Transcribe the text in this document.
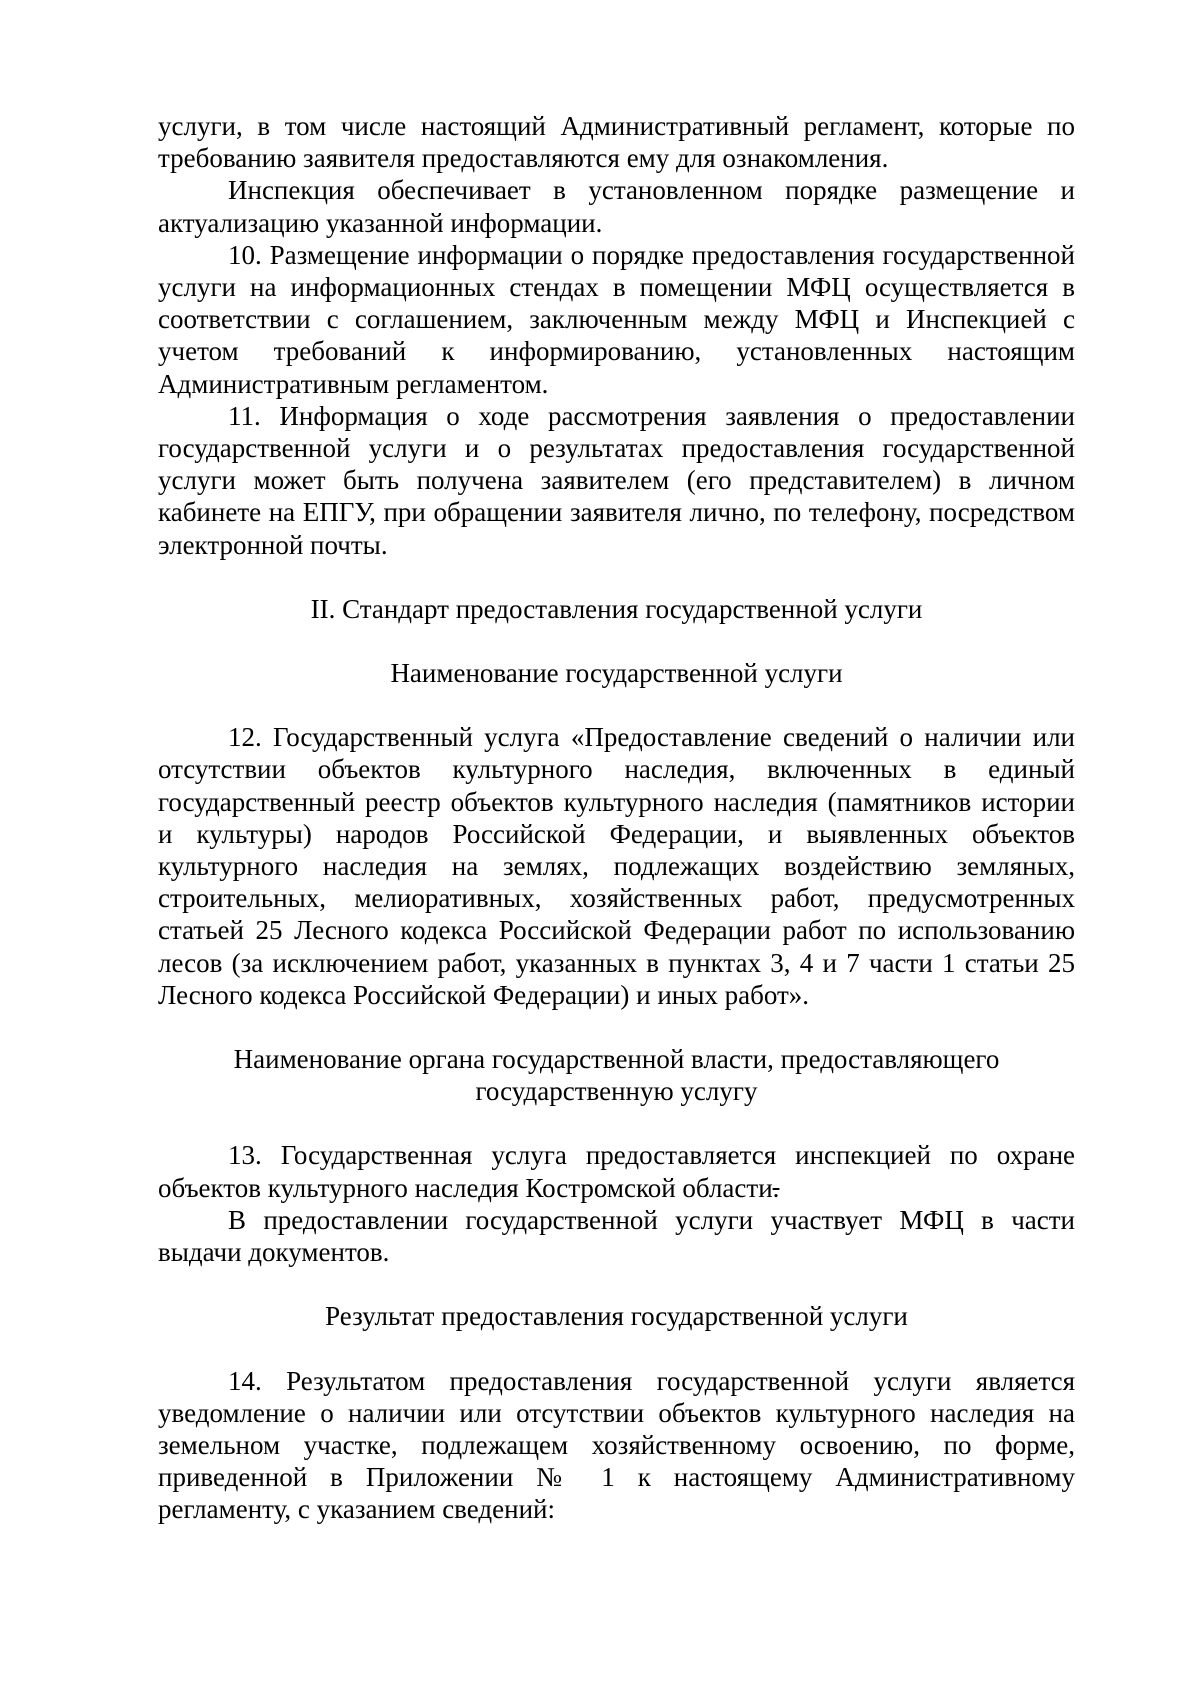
услуги, в том числе настоящий Административный регламент, которые по требованию заявителя предоставляются ему для ознакомления.

Инспекция обеспечивает в установленном порядке размещение и актуализацию указанной информации.

10. Размещение информации о порядке предоставления государственной услуги на информационных стендах в помещении МФЦ осуществляется в соответствии с соглашением, заключенным между МФЦ и Инспекцией с учетом требований к информированию, установленных настоящим Административным регламентом.

11. Информация о ходе рассмотрения заявления о предоставлении государственной услуги и о результатах предоставления государственной услуги может быть получена заявителем (его представителем) в личном кабинете на ЕПГУ, при обращении заявителя лично, по телефону, посредством электронной почты.

II. Стандарт предоставления государственной услуги

Наименование государственной услуги

12. Государственный услуга «Предоставление сведений о наличии или отсутствии объектов культурного наследия, включенных в единый государственный реестр объектов культурного наследия (памятников истории и культуры) народов Российской Федерации, и выявленных объектов культурного наследия на землях, подлежащих воздействию земляных, строительных, мелиоративных, хозяйственных работ, предусмотренных статьей 25 Лесного кодекса Российской Федерации работ по использованию лесов (за исключением работ, указанных в пунктах 3, 4 и 7 части 1 статьи 25 Лесного кодекса Российской Федерации) и иных работ».

Наименование органа государственной власти, предоставляющего

государственную услугу

13. Государственная услуга предоставляется инспекцией по охране объектов культурного наследия Костромской области.

В предоставлении государственной услуги участвует МФЦ в части выдачи документов.

Результат предоставления государственной услуги

14. Результатом предоставления государственной услуги является уведомление о наличии или отсутствии объектов культурного наследия на земельном участке, подлежащем хозяйственному освоению, по форме, приведенной в Приложении № 1 к настоящему Административному регламенту, с указанием сведений:
